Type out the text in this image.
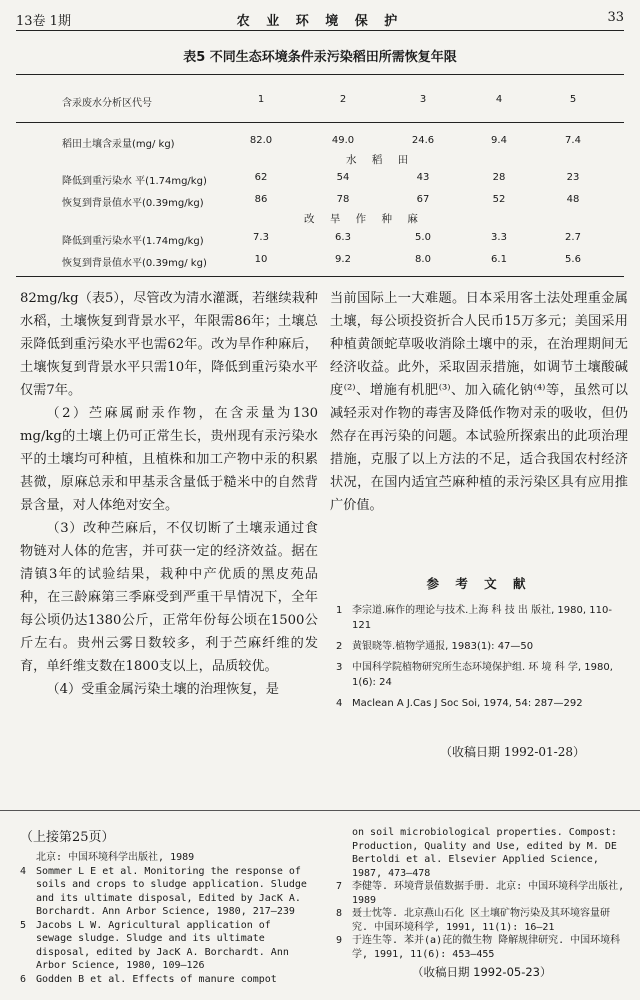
13卷 1期	农 业 环 境 保 护	33
表5 不同生态环境条件汞污染稻田所需恢复年限
含汞废水分析区代号	1	2	3	4	5
稻田土壤含汞量(mg/ kg)	82.0	49.0	24.6	9.4	7.4
水 稻 田
降低到重污染水 平(1.74mg/kg)	62	54	43	28	23
恢复到背景值水平(0.39mg/kg)	86	78	67	52	48
改 旱 作 种 麻
降低到重污染水平(1.74mg/kg)	7.3	6.3	5.0	3.3	2.7
恢复到背景值水平(0.39mg/ kg)	10	9.2	8.0	6.1	5.6

82mg/kg（表5），尽管改为清水灌溉，若继续栽种水稻，土壤恢复到背景水平，年限需86年；土壤总汞降低到重污染水平也需62年。改为旱作种麻后，土壤恢复到背景水平只需10年，降低到重污染水平仅需7年。

（2）苎麻属耐汞作物，在含汞量为130 mg/kg的土壤上仍可正常生长，贵州现有汞污染水平的土壤均可种植，且植株和加工产物中汞的积累甚微，原麻总汞和甲基汞含量低于糙米中的自然背景含量，对人体绝对安全。

（3）改种苎麻后，不仅切断了土壤汞通过食物链对人体的危害，并可获一定的经济效益。据在清镇3年的试验结果，栽种中产优质的黑皮苑品种，在三龄麻第三季麻受到严重干旱情况下，全年每公顷仍达1380公斤，正常年份每公顷在1500公斤左右。贵州云雾日数较多，利于苎麻纤维的发育，单纤维支数在1800支以上，品质较优。

（4）受重金属污染土壤的治理恢复，是

当前国际上一大难题。日本采用客土法处理重金属土壤，每公顷投资折合人民币15万多元；美国采用种植黄颌蛇草吸收消除土壤中的汞，在治理期间无经济收益。此外，采取固汞措施，如调节土壤酸碱度⁽²⁾、增施有机肥⁽³⁾、加入硫化钠⁽⁴⁾等，虽然可以减轻汞对作物的毒害及降低作物对汞的吸收，但仍然存在再污染的问题。本试验所探索出的此项治理措施，克服了以上方法的不足，适合我国农村经济状况，在国内适宜苎麻种植的汞污染区具有应用推广价值。

参 考 文 献
1 李宗道.麻作的理论与技术.上海 科 技 出 版社, 1980, 110-121
2 黄银晓等.植物学通报, 1983(1): 47—50
3 中国科学院植物研究所生态环境保护组. 环 境 科 学, 1980, 1(6): 24
4 Maclean A J.Cas J Soc Soi, 1974, 54: 287—292
（收稿日期 1992-01-28）
（上接第25页）
北京: 中国环境科学出版社, 1989
4 Sommer L E et al. Monitoring the response of soils and crops to sludge application. Sludge and its ultimate disposal, Edited by JacK A. Borchardt. Ann Arbor Science, 1980, 217—239
5 Jacobs L W. Agricultural application of sewage sludge. Sludge and its ultimate disposal, edited by JacK A. Borchardt. Ann Arbor Science, 1980, 109—126
6 Godden B et al. Effects of manure compot
on soil microbiological properties. Compost: Production, Quality and Use, edited by M. DE Bertoldi et al. Elsevier Applied Science, 1987, 473—478
7 李健等. 环境背景值数据手册. 北京: 中国环境科学出版社, 1989
8 聂士忱等. 北京燕山石化 区土壤矿物污染及其环境容量研究. 中国环境科学, 1991, 11(1): 16—21
9 于连生等. 苯并(a)芘的微生物 降解规律研究. 中国环境科学, 1991, 11(6): 453—455
（收稿日期 1992-05-23）
